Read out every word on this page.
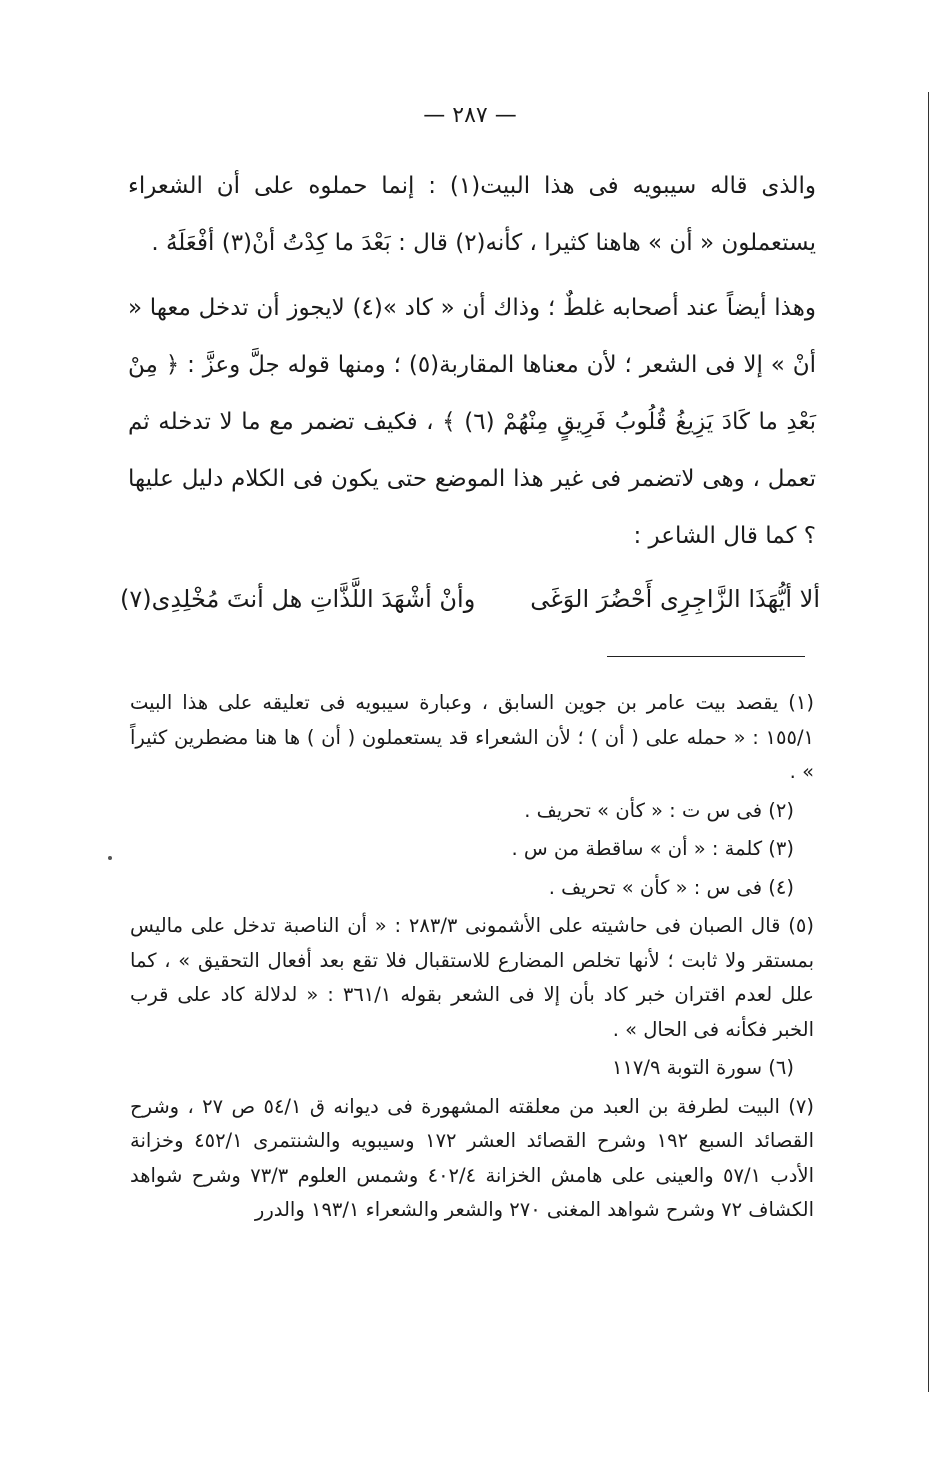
— ٢٨٧ —

والذى قاله سيبويه فى هذا البيت(١) : إنما حملوه على أن الشعراء يستعملون « أن » هاهنا كثيرا ، كأنه(٢) قال : بَعْدَ ما كِدْتُ أنْ(٣) أفْعَلَهُ .

وهذا أيضاً عند أصحابه غلطٌ ؛ وذاك أن « كاد »(٤) لايجوز أن تدخل معها « أنْ » إلا فى الشعر ؛ لأن معناها المقاربة(٥) ؛ ومنها قوله جلَّ وعزَّ : ﴿ مِنْ بَعْدِ ما كَادَ يَزِيغُ قُلُوبُ فَرِيقٍ مِنْهُمْ (٦) ﴾ ، فكيف تضمر مع ما لا تدخله ثم تعمل ، وهى لاتضمر فى غير هذا الموضع حتى يكون فى الكلام دليل عليها ؟ كما قال الشاعر :

ألا أيُّهَذَا الزَّاجِرِى أَحْضُرَ الوَغَى
وأنْ أشْهَدَ اللَّذَّاتِ هل أنتَ مُخْلِدِى(٧)

(١) يقصد بيت عامر بن جوين السابق ، وعبارة سيبويه فى تعليقه على هذا البيت ١٥٥/١ : « حمله على ( أن ) ؛ لأن الشعراء قد يستعملون ( أن ) ها هنا مضطرين كثيراً » .

(٢) فى س ت : « كأن » تحريف .

(٣) كلمة : « أن » ساقطة من س .

(٤) فى س : « كأن » تحريف .

(٥) قال الصبان فى حاشيته على الأشمونى ٢٨٣/٣ : « أن الناصبة تدخل على ماليس بمستقر ولا ثابت ؛ لأنها تخلص المضارع للاستقبال فلا تقع بعد أفعال التحقيق » ، كما علل لعدم اقتران خبر كاد بأن إلا فى الشعر بقوله ٣٦١/١ : « لدلالة كاد على قرب الخبر فكأنه فى الحال » .

(٦) سورة التوبة ١١٧/٩

(٧) البيت لطرفة بن العبد من معلقته المشهورة فى ديوانه ق ٥٤/١ ص ٢٧ ، وشرح القصائد السبع ١٩٢ وشرح القصائد العشر ١٧٢ وسيبويه والشنتمرى ٤٥٢/١ وخزانة الأدب ٥٧/١ والعينى على هامش الخزانة ٤٠٢/٤ وشمس العلوم ٧٣/٣ وشرح شواهد الكشاف ٧٢ وشرح شواهد المغنى ٢٧٠ والشعر والشعراء ١٩٣/١ والدرر
